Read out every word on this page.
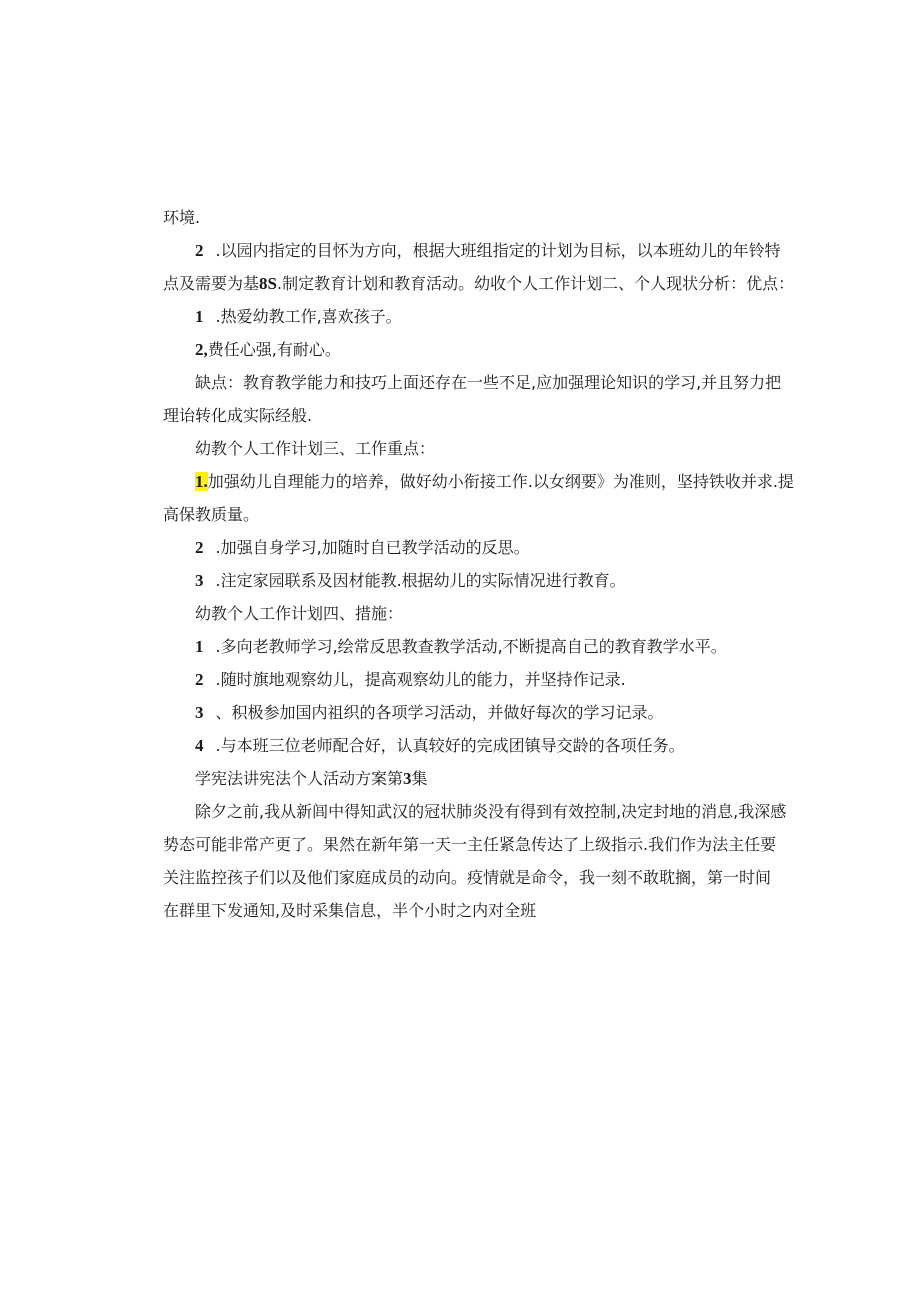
环境.
2 .以园内指定的目怀为方向，根据大班组指定的计划为目标，以本班幼儿的年铃特
点及需要为基8S.制定教育计划和教育活动。幼收个人工作计划二、个人现状分析：优点：
1 .热爱幼教工作,喜欢孩子。
2,费任心强,有耐心。
缺点：教育教学能力和技巧上面还存在一些不足,应加强理论知识的学习,并且努力把
理诒转化成实际经般.
幼教个人工作计划三、工作重点：
1.加强幼儿自理能力的培养，做好幼小衔接工作.以女纲要》为准则，坚持铁收并求.提
高保教质量。
2 .加强自身学习,加随时自已教学活动的反思。
3 .注定家园联系及因材能教.根据幼儿的实际情况进行教育。
幼教个人工作计划四、措施：
1 .多向老教师学习,绘常反思教查教学活动,不断提高自己的教育教学水平。
2 .随时旗地观察幼儿，提高观察幼儿的能力，并坚持作记录.
3 、积极参加国内祖织的各项学习活动，并做好每次的学习记录。
4 .与本班三位老师配合好，认真较好的完成团镇导交龄的各项任务。
学宪法讲宪法个人活动方案第3集
除夕之前,我从新闾中得知武汉的冠状肺炎没有得到有效控制,决定封地的消息,我深感
势态可能非常产更了。果然在新年第一天一主任紧急传达了上级指示.我们作为法主任要
关注监控孩子们以及他们家庭成员的动向。疫情就是命令，我一刻不敢耽搁，第一时间
在群里下发通知,及时采集信息，半个小时之内对全班
